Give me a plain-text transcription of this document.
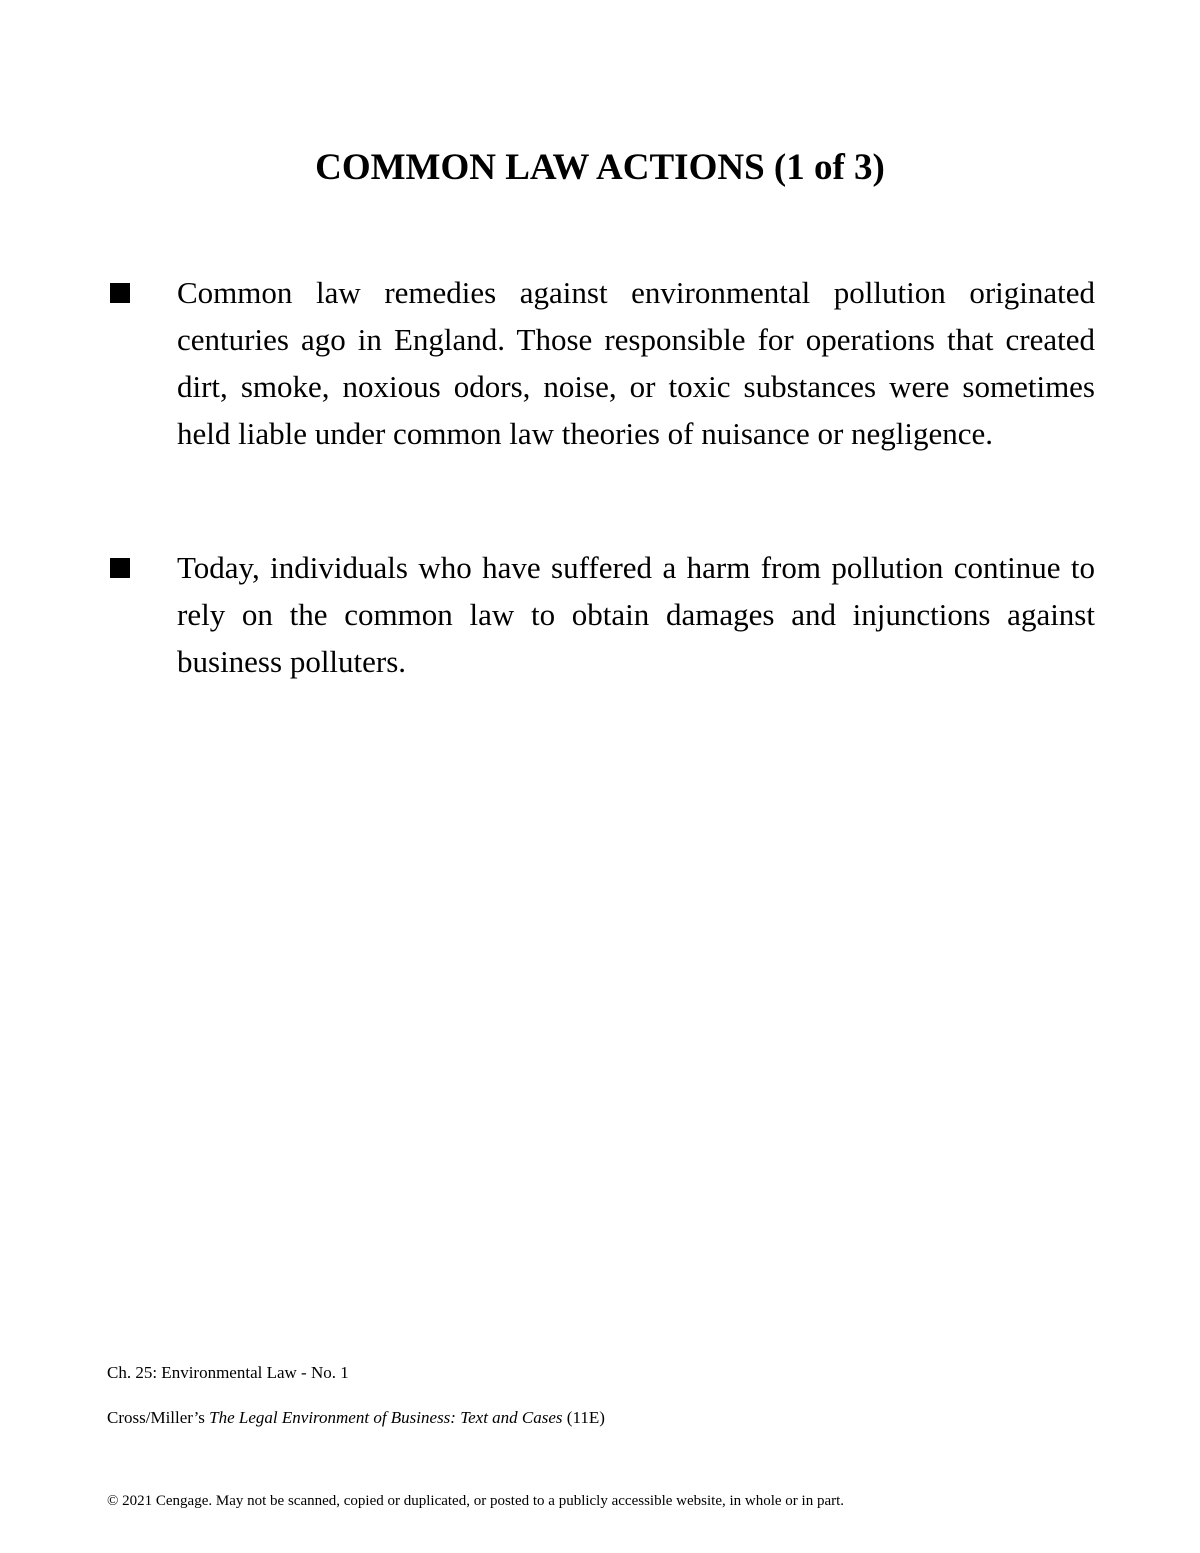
COMMON LAW ACTIONS (1 of 3)
Common law remedies against environmental pollution originated centuries ago in England. Those responsible for operations that created dirt, smoke, noxious odors, noise, or toxic substances were sometimes held liable under common law theories of nuisance or negligence.
Today, individuals who have suffered a harm from pollution continue to rely on the common law to obtain damages and injunctions against business polluters.

Ch. 25: Environmental Law - No. 1

Cross/Miller’s The Legal Environment of Business: Text and Cases (11E)

© 2021 Cengage. May not be scanned, copied or duplicated, or posted to a publicly accessible website, in whole or in part.
